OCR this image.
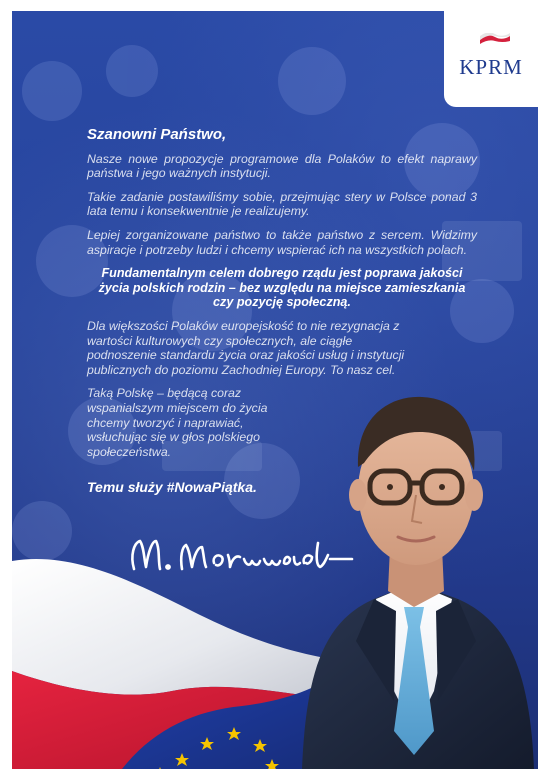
KPRM

Szanowni Państwo,

Nasze nowe propozycje programowe dla Polaków to efekt naprawy państwa i jego ważnych instytucji.

Takie zadanie postawiliśmy sobie, przejmując stery w Polsce ponad 3 lata temu i konsekwentnie je realizujemy.

Lepiej zorganizowane państwo to także państwo z sercem. Widzimy aspiracje i potrzeby ludzi i chcemy wspierać ich na wszystkich polach.

Fundamentalnym celem dobrego rządu jest poprawa jakości życia polskich rodzin – bez względu na miejsce zamieszkania czy pozycję społeczną.

Dla większości Polaków europejskość to nie rezygnacja z wartości kulturowych czy społecznych, ale ciągłe podnoszenie standardu życia oraz jakości usług i instytucji publicznych do poziomu Zachodniej Europy. To nasz cel.

Taką Polskę – będącą coraz wspanialszym miejscem do życia chcemy tworzyć i naprawiać, wsłuchując się w głos polskiego społeczeństwa.

Temu służy #NowaPiątka.
